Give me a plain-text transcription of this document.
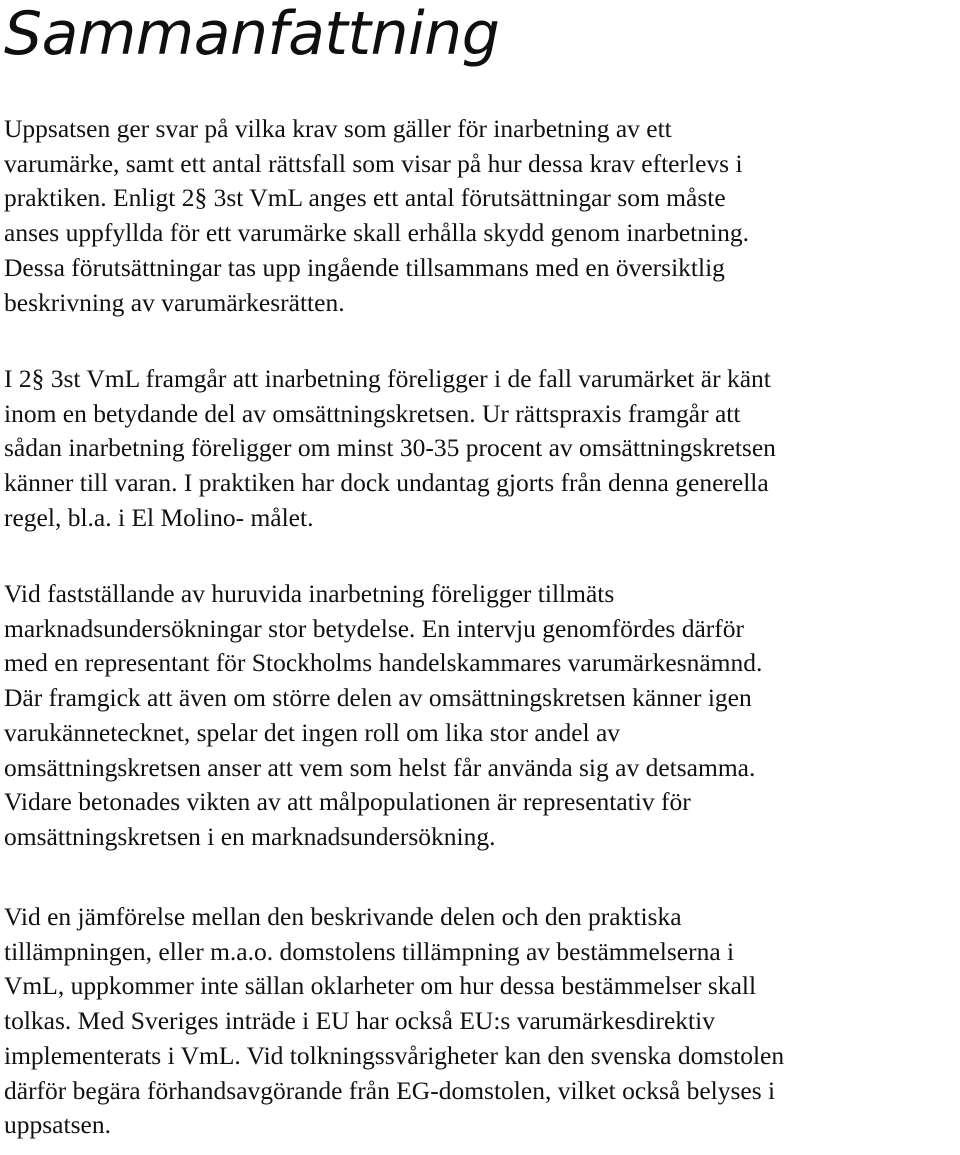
Sammanfattning

Uppsatsen ger svar på vilka krav som gäller för inarbetning av ett
varumärke, samt ett antal rättsfall som visar på hur dessa krav efterlevs i
praktiken. Enligt 2§ 3st VmL anges ett antal förutsättningar som måste
anses uppfyllda för ett varumärke skall erhålla skydd genom inarbetning.
Dessa förutsättningar tas upp ingående tillsammans med en översiktlig
beskrivning av varumärkesrätten.

I 2§ 3st VmL framgår att inarbetning föreligger i de fall varumärket är känt
inom en betydande del av omsättningskretsen. Ur rättspraxis framgår att
sådan inarbetning föreligger om minst 30-35 procent av omsättningskretsen
känner till varan. I praktiken har dock undantag gjorts från denna generella
regel, bl.a. i El Molino- målet.

Vid fastställande av huruvida inarbetning föreligger tillmäts
marknadsundersökningar stor betydelse. En intervju genomfördes därför
med en representant för Stockholms handelskammares varumärkesnämnd.
Där framgick att även om större delen av omsättningskretsen känner igen
varukännetecknet, spelar det ingen roll om lika stor andel av
omsättningskretsen anser att vem som helst får använda sig av detsamma.
Vidare betonades vikten av att målpopulationen är representativ för
omsättningskretsen i en marknadsundersökning.

Vid en jämförelse mellan den beskrivande delen och den praktiska
tillämpningen, eller m.a.o. domstolens tillämpning av bestämmelserna i
VmL, uppkommer inte sällan oklarheter om hur dessa bestämmelser skall
tolkas. Med Sveriges inträde i EU har också EU:s varumärkesdirektiv
implementerats i VmL. Vid tolkningssvårigheter kan den svenska domstolen
därför begära förhandsavgörande från EG-domstolen, vilket också belyses i
uppsatsen.
